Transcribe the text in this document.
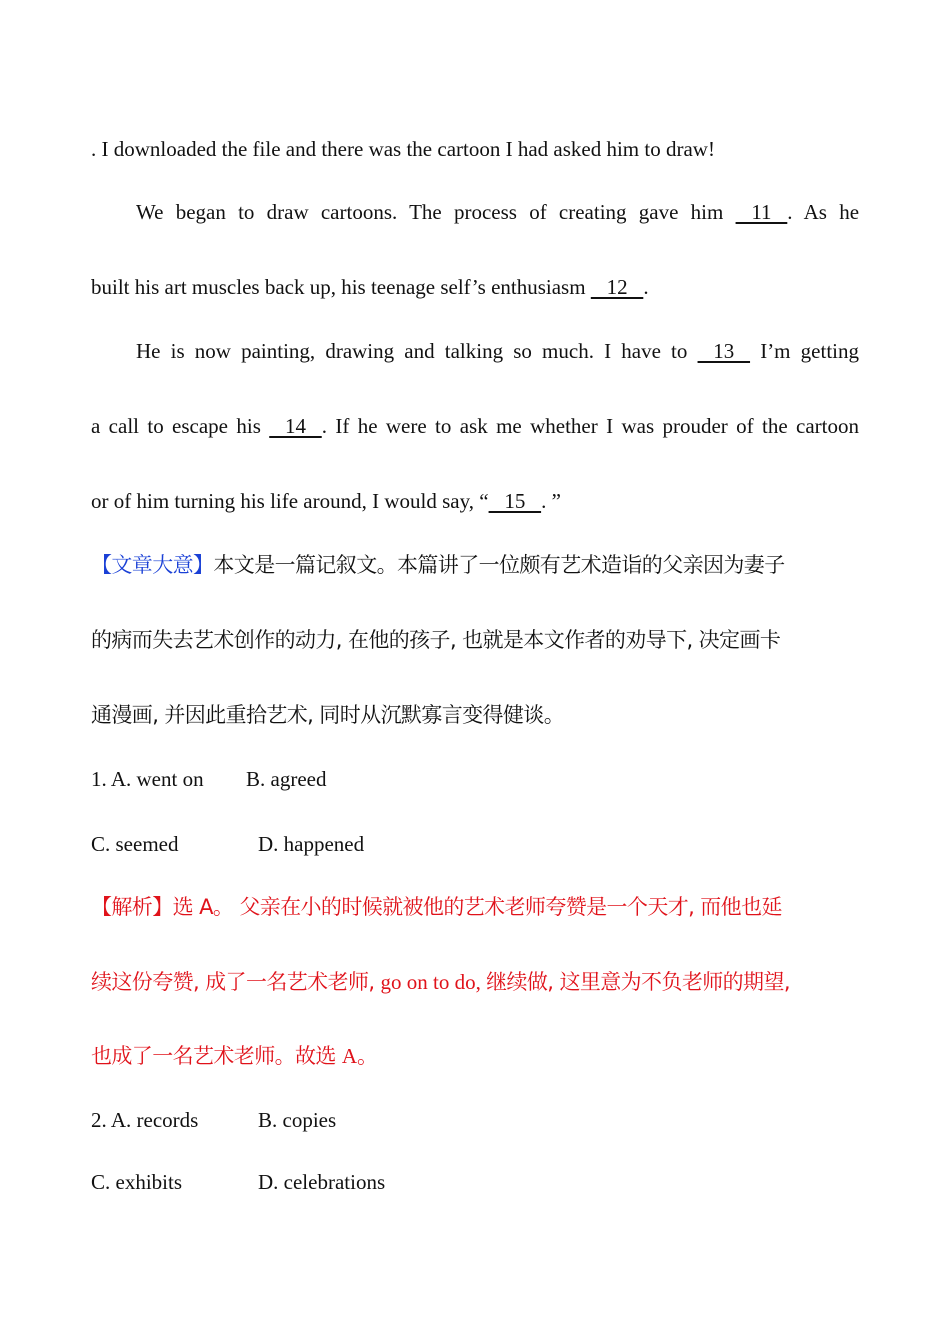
. I downloaded the file and there was the cartoon I had asked him to draw!
We began to draw cartoons. The process of creating gave him    11   . As he
built his art muscles back up, his teenage self’s enthusiasm    12   .
He is now painting, drawing and talking so much. I have to    13    I’m getting
a call to escape his    14   . If he were to ask me whether I was prouder of the cartoon
or of him turning his life around, I would say, “   15   . ”
【文章大意】本文是一篇记叙文。本篇讲了一位颇有艺术造诣的父亲因为妻子
的病而失去艺术创作的动力, 在他的孩子, 也就是本文作者的劝导下, 决定画卡
通漫画, 并因此重拾艺术, 同时从沉默寡言变得健谈。
1. A. went on B. agreed
C. seemed	D. happened
【解析】选 A。 父亲在小的时候就被他的艺术老师夸赞是一个天才, 而他也延
续这份夸赞, 成了一名艺术老师, go on to do, 继续做, 这里意为不负老师的期望,
也成了一名艺术老师。故选 A。
2. A. records	B. copies
C. exhibits	D. celebrations
